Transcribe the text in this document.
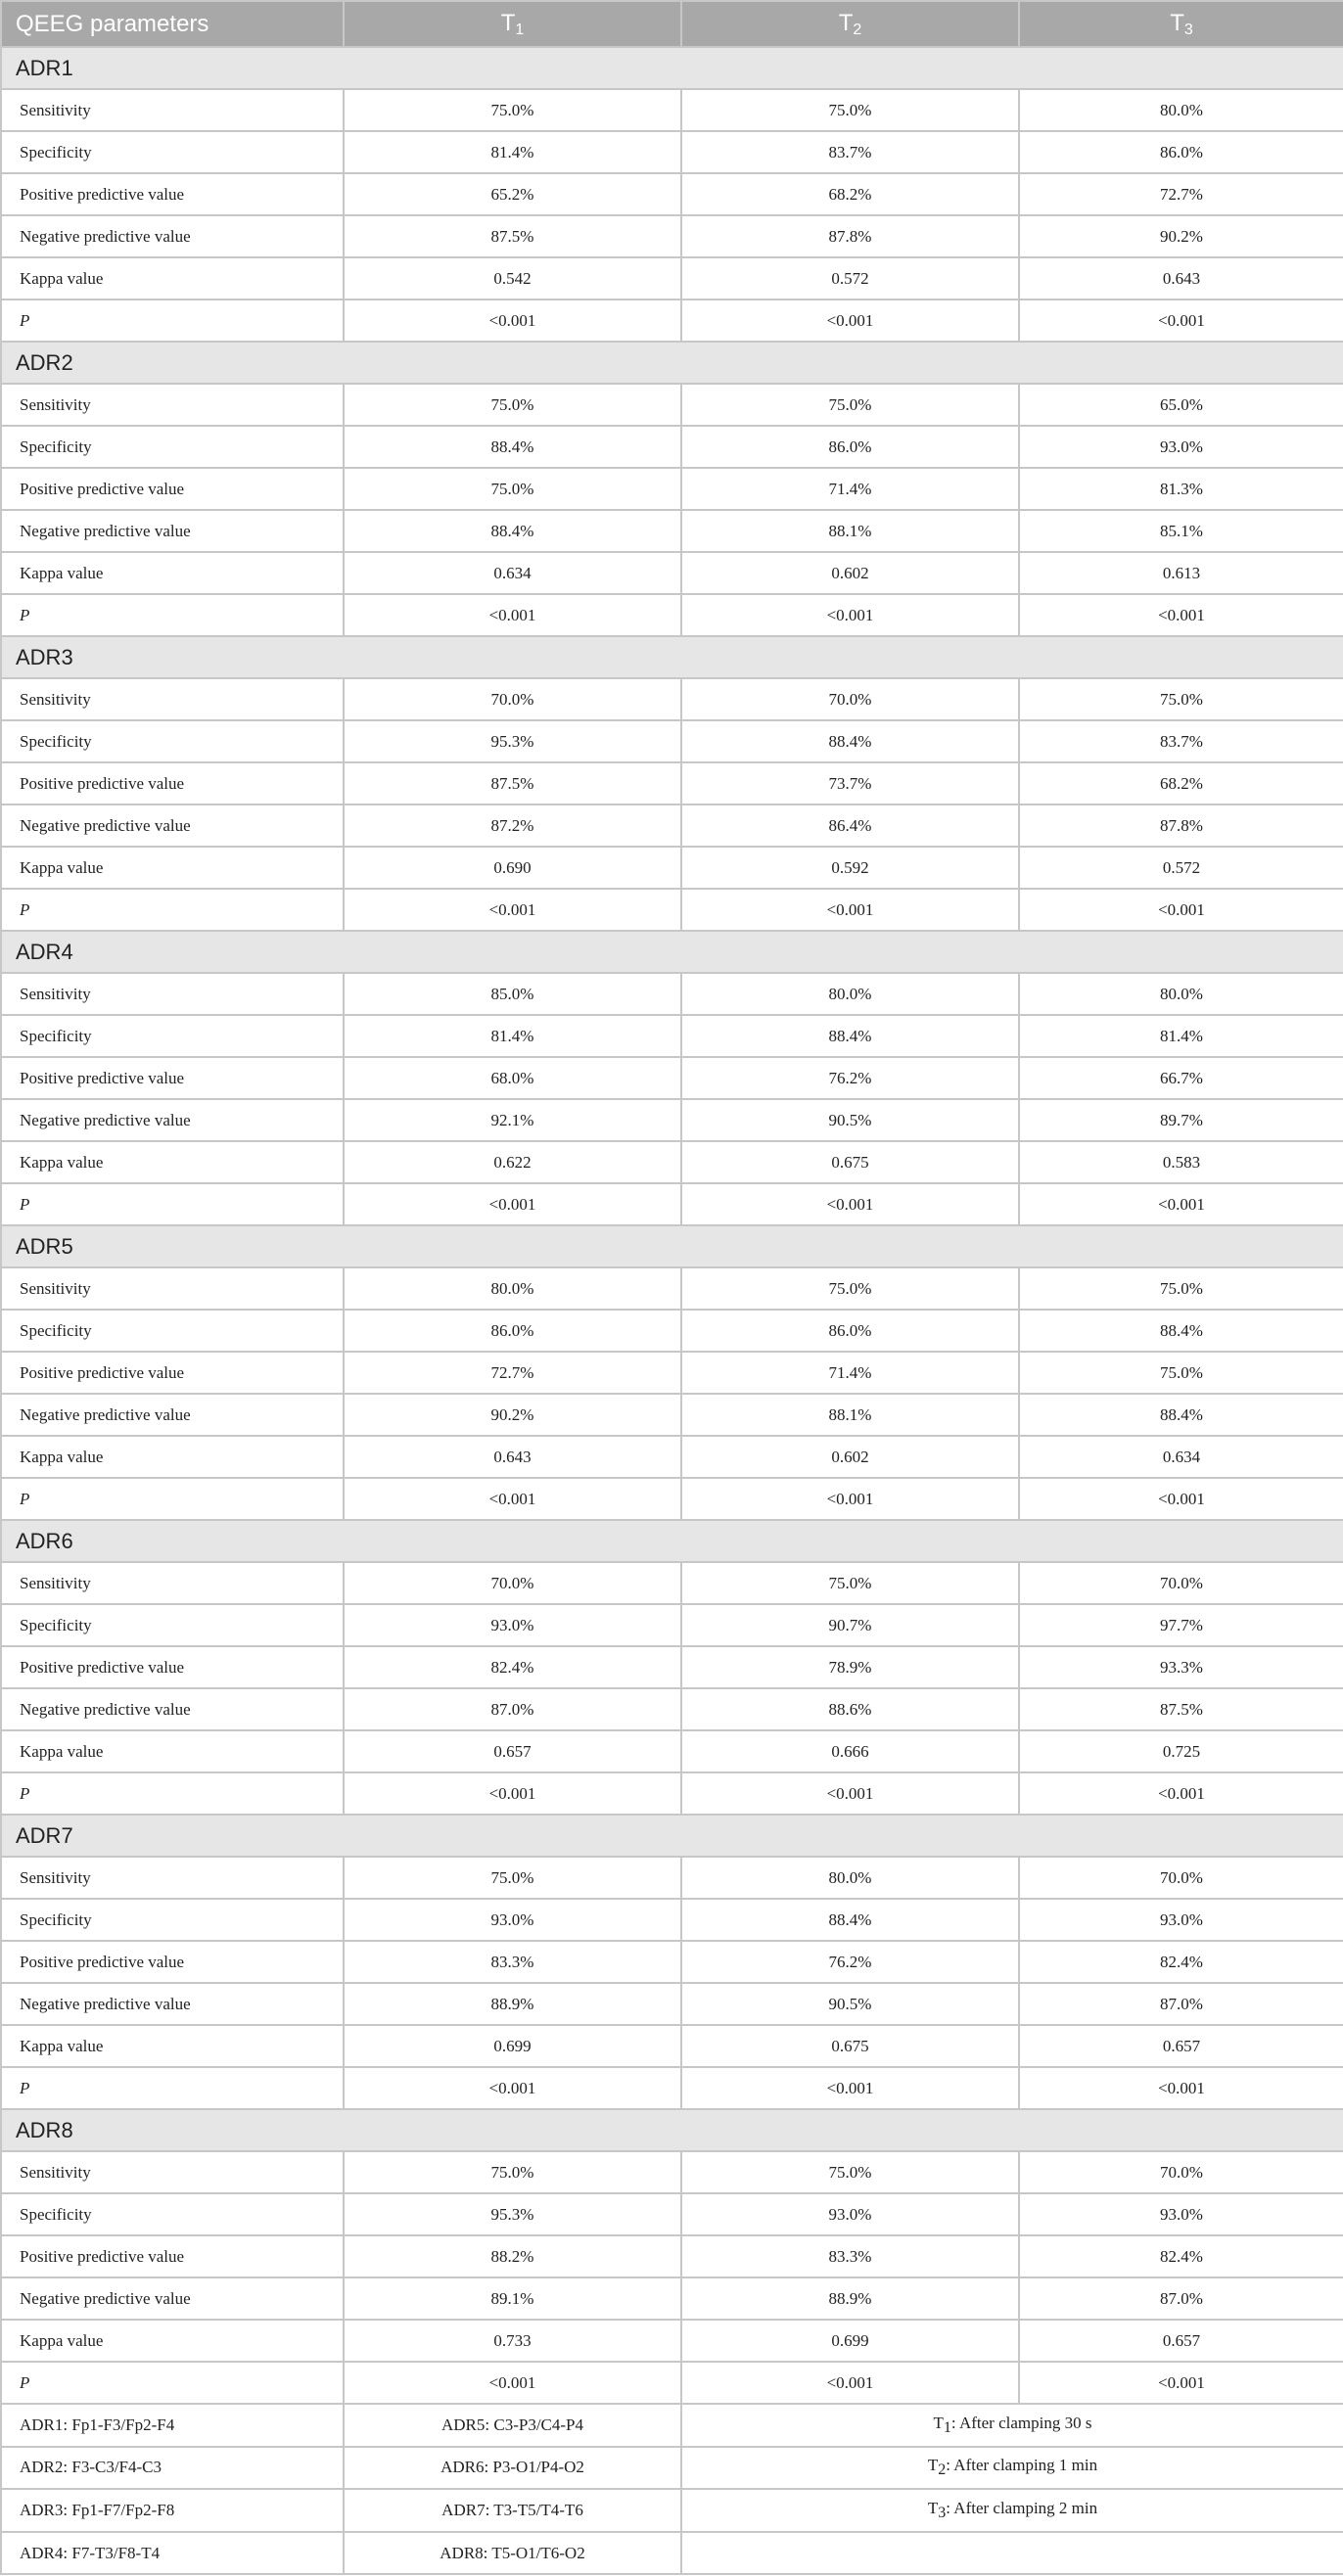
QEEG parameters	$T_1$	$T_2$	$T_3$
ADR1			
Sensitivity	75.0%	75.0%	80.0%
Specificity	81.4%	83.7%	86.0%
Positive predictive value	65.2%	68.2%	72.7%
Negative predictive value	87.5%	87.8%	90.2%
Kappa value	0.542	0.572	0.643
P	<0.001	<0.001	<0.001
ADR2			
Sensitivity	75.0%	75.0%	65.0%
Specificity	88.4%	86.0%	93.0%
Positive predictive value	75.0%	71.4%	81.3%
Negative predictive value	88.4%	88.1%	85.1%
Kappa value	0.634	0.602	0.613
P	<0.001	<0.001	<0.001
ADR3			
Sensitivity	70.0%	70.0%	75.0%
Specificity	95.3%	88.4%	83.7%
Positive predictive value	87.5%	73.7%	68.2%
Negative predictive value	87.2%	86.4%	87.8%
Kappa value	0.690	0.592	0.572
P	<0.001	<0.001	<0.001
ADR4			
Sensitivity	85.0%	80.0%	80.0%
Specificity	81.4%	88.4%	81.4%
Positive predictive value	68.0%	76.2%	66.7%
Negative predictive value	92.1%	90.5%	89.7%
Kappa value	0.622	0.675	0.583
P	<0.001	<0.001	<0.001
ADR5			
Sensitivity	80.0%	75.0%	75.0%
Specificity	86.0%	86.0%	88.4%
Positive predictive value	72.7%	71.4%	75.0%
Negative predictive value	90.2%	88.1%	88.4%
Kappa value	0.643	0.602	0.634
P	<0.001	<0.001	<0.001
ADR6			
Sensitivity	70.0%	75.0%	70.0%
Specificity	93.0%	90.7%	97.7%
Positive predictive value	82.4%	78.9%	93.3%
Negative predictive value	87.0%	88.6%	87.5%
Kappa value	0.657	0.666	0.725
P	<0.001	<0.001	<0.001
ADR7			
Sensitivity	75.0%	80.0%	70.0%
Specificity	93.0%	88.4%	93.0%
Positive predictive value	83.3%	76.2%	82.4%
Negative predictive value	88.9%	90.5%	87.0%
Kappa value	0.699	0.675	0.657
P	<0.001	<0.001	<0.001
ADR8			
Sensitivity	75.0%	75.0%	70.0%
Specificity	95.3%	93.0%	93.0%
Positive predictive value	88.2%	83.3%	82.4%
Negative predictive value	89.1%	88.9%	87.0%
Kappa value	0.733	0.699	0.657
P	<0.001	<0.001	<0.001
ADR1: Fp1-F3/Fp2-F4	ADR5: C3-P3/C4-P4	$T_1$: After clamping 30 s	
ADR2: F3-C3/F4-C3	ADR6: P3-O1/P4-O2	$T_2$: After clamping 1 min	
ADR3: Fp1-F7/Fp2-F8	ADR7: T3-T5/T4-T6	$T_3$: After clamping 2 min	
ADR4: F7-T3/F8-T4	ADR8: T5-O1/T6-O2		
